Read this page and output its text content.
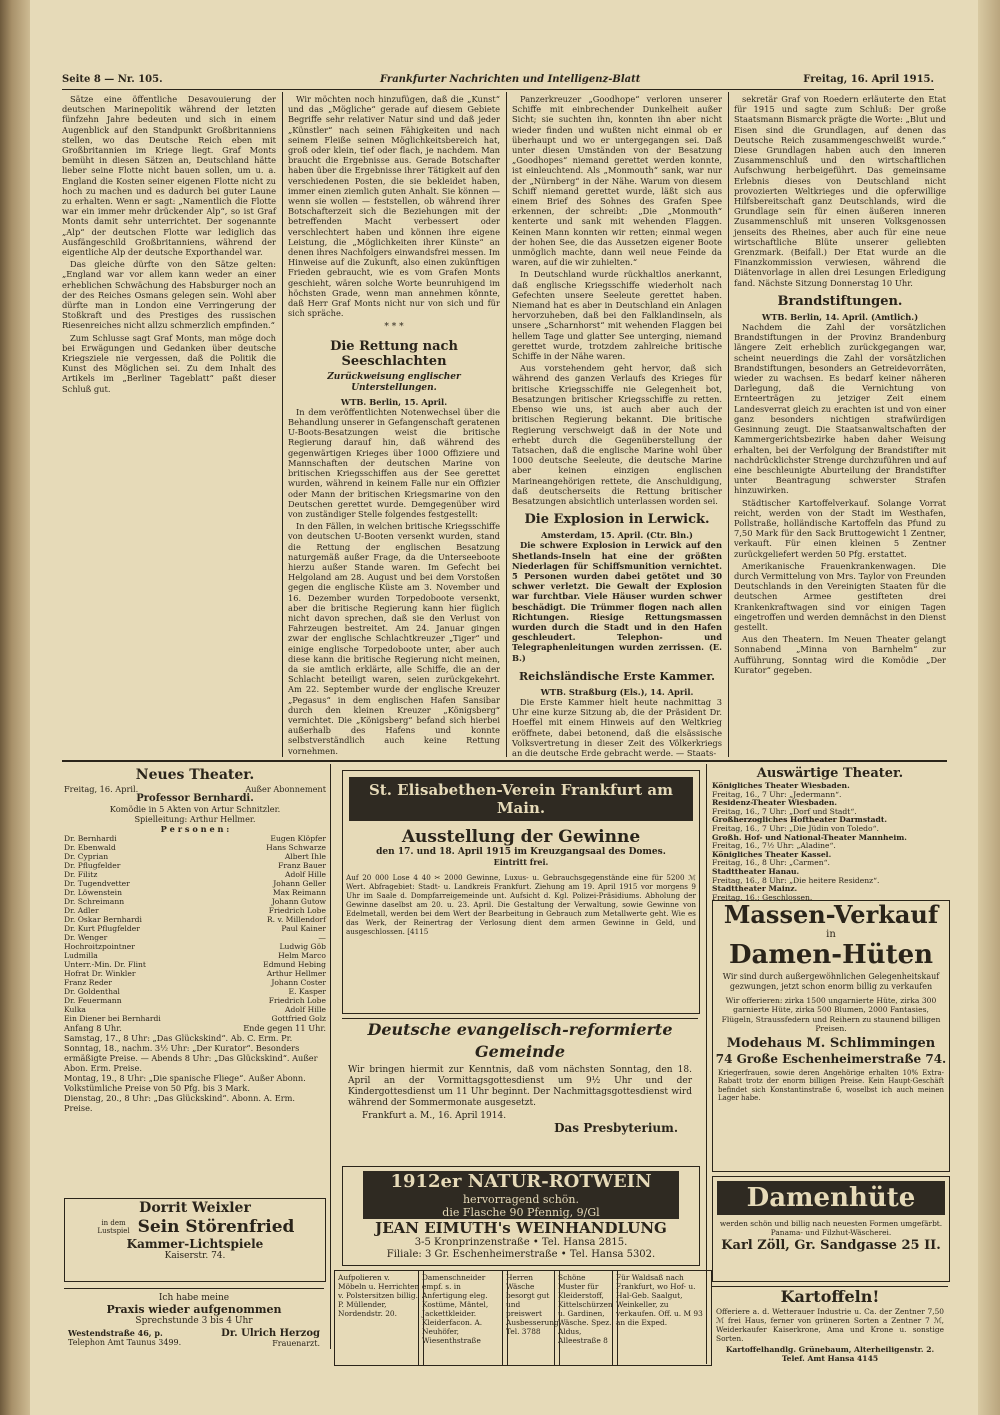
Seite 8 — Nr. 105.	Frankfurter Nachrichten und Intelligenz-Blatt	Freitag, 16. April 1915.

Sätze eine öffentliche Desavouierung der deutschen Marinepolitik während der letzten fünfzehn Jahre bedeuten und sich in einem Augenblick auf den Standpunkt Großbritanniens stellen, wo das Deutsche Reich eben mit Großbritannien im Kriege liegt. Graf Monts bemüht in diesen Sätzen an, Deutschland hätte lieber seine Flotte nicht bauen sollen, um u. a. England die Kosten seiner eigenen Flotte nicht zu hoch zu machen und es dadurch bei guter Laune zu erhalten. Wenn er sagt: „Namentlich die Flotte war ein immer mehr drückender Alp“, so ist Graf Monts damit sehr unterrichtet. Der sogenannte „Alp“ der deutschen Flotte war lediglich das Ausfängeschild Großbritanniens, während der eigentliche Alp der deutsche Exporthandel war.

Das gleiche dürfte von den Sätze gelten: „England war vor allem kann weder an einer erheblichen Schwächung des Habsburger noch an der des Reiches Osmans gelegen sein. Wohl aber dürfte man in London eine Verringerung der Stoßkraft und des Prestiges des russischen Riesenreiches nicht allzu schmerzlich empfinden.“

Zum Schlusse sagt Graf Monts, man möge doch bei Erwägungen und Gedanken über deutsche Kriegsziele nie vergessen, daß die Politik die Kunst des Möglichen sei. Zu dem Inhalt des Artikels im „Berliner Tageblatt“ paßt dieser Schluß gut.

Wir möchten noch hinzufügen, daß die „Kunst“ und das „Mögliche“ gerade auf diesem Gebiete Begriffe sehr relativer Natur sind und daß jeder „Künstler“ nach seinen Fähigkeiten und nach seinem Fleiße seinen Möglichkeitsbereich hat, groß oder klein, tief oder flach, je nachdem. Man braucht die Ergebnisse aus. Gerade Botschafter haben über die Ergebnisse ihrer Tätigkeit auf den verschiedenen Posten, die sie bekleidet haben, immer einen ziemlich guten Anhalt. Sie können — wenn sie wollen — feststellen, ob während ihrer Botschafterzeit sich die Beziehungen mit der betreffenden Macht verbessert oder verschlechtert haben und können ihre eigene Leistung, die „Möglichkeiten ihrer Künste“ an denen ihres Nachfolgers einwandsfrei messen. Im Hinweise auf die Zukunft, also einen zukünftigen Frieden gebraucht, wie es vom Grafen Monts geschieht, wären solche Worte beunruhigend im höchsten Grade, wenn man annehmen könnte, daß Herr Graf Monts nicht nur von sich und für sich spräche.

* * *
Die Rettung nach Seeschlachten
Zurückweisung englischer Unterstellungen.
WTB. Berlin, 15. April.

In dem veröffentlichten Notenwechsel über die Behandlung unserer in Gefangenschaft geratenen U-Boots-Besatzungen weist die britische Regierung darauf hin, daß während des gegenwärtigen Krieges über 1000 Offiziere und Mannschaften der deutschen Marine von britischen Kriegsschiffen aus der See gerettet wurden, während in keinem Falle nur ein Offizier oder Mann der britischen Kriegsmarine von den Deutschen gerettet wurde. Demgegenüber wird von zuständiger Stelle folgendes festgestellt:

In den Fällen, in welchen britische Kriegsschiffe von deutschen U-Booten versenkt wurden, stand die Rettung der englischen Besatzung naturgemäß außer Frage, da die Unterseeboote hierzu außer Stande waren. Im Gefecht bei Helgoland am 28. August und bei dem Vorstoßen gegen die englische Küste am 3. November und 16. Dezember wurden Torpedoboote versenkt, aber die britische Regierung kann hier füglich nicht davon sprechen, daß sie den Verlust von Fahrzeugen bestreitet. Am 24. Januar gingen zwar der englische Schlachtkreuzer „Tiger“ und einige englische Torpedoboote unter, aber auch diese kann die britische Regierung nicht meinen, da sie amtlich erklärte, alle Schiffe, die an der Schlacht beteiligt waren, seien zurückgekehrt. Am 22. September wurde der englische Kreuzer „Pegasus“ in dem englischen Hafen Sansibar durch den kleinen Kreuzer „Königsberg“ vernichtet. Die „Königsberg“ befand sich hierbei außerhalb des Hafens und konnte selbstverständlich auch keine Rettung vornehmen.

Panzerkreuzer „Goodhope“ verloren unserer Schiffe mit einbrechender Dunkelheit außer Sicht; sie suchten ihn, konnten ihn aber nicht wieder finden und wußten nicht einmal ob er überhaupt und wo er untergegangen sei. Daß unter diesen Umständen von der Besatzung „Goodhopes“ niemand gerettet werden konnte, ist einleuchtend. Als „Monmouth“ sank, war nur der „Nürnberg“ in der Nähe. Warum von diesem Schiff niemand gerettet wurde, läßt sich aus einem Brief des Sohnes des Grafen Spee erkennen, der schreibt: „Die „Monmouth“ kenterte und sank mit wehenden Flaggen. Keinen Mann konnten wir retten; einmal wegen der hohen See, die das Aussetzen eigener Boote unmöglich machte, dann weil neue Feinde da waren, auf die wir zuhielten.“

In Deutschland wurde rückhaltlos anerkannt, daß englische Kriegsschiffe wiederholt nach Gefechten unsere Seeleute gerettet haben. Niemand hat es aber in Deutschland ein Anlagen hervorzuheben, daß bei den Falklandinseln, als unsere „Scharnhorst“ mit wehenden Flaggen bei hellem Tage und glatter See unterging, niemand gerettet wurde, trotzdem zahlreiche britische Schiffe in der Nähe waren.

Aus vorstehendem geht hervor, daß sich während des ganzen Verlaufs des Krieges für britische Kriegsschiffe nie Gelegenheit bot, Besatzungen britischer Kriegsschiffe zu retten. Ebenso wie uns, ist auch aber auch der britischen Regierung bekannt. Die britische Regierung verschweigt daß in der Note und erhebt durch die Gegenüberstellung der Tatsachen, daß die englische Marine wohl über 1000 deutsche Seeleute, die deutsche Marine aber keinen einzigen englischen Marineangehörigen rettete, die Anschuldigung, daß deutscherseits die Rettung britischer Besatzungen absichtlich unterlassen worden sei.

Die Explosion in Lerwick.
Amsterdam, 15. April. (Ctr. Bln.)

Die schwere Explosion in Lerwick auf den Shetlands-Inseln hat eine der größten Niederlagen für Schiffsmunition vernichtet. 5 Personen wurden dabei getötet und 30 schwer verletzt. Die Gewalt der Explosion war furchtbar. Viele Häuser wurden schwer beschädigt. Die Trümmer flogen nach allen Richtungen. Riesige Rettungsmassen wurden durch die Stadt und in den Hafen geschleudert. Telephon- und Telegraphenleitungen wurden zerrissen. (E. B.)

Reichsländische Erste Kammer.
WTB. Straßburg (Els.), 14. April.

Die Erste Kammer hielt heute nachmittag 3 Uhr eine kurze Sitzung ab, die der Präsident Dr. Hoeffel mit einem Hinweis auf den Weltkrieg eröffnete, dabei betonend, daß die elsässische Volksvertretung in dieser Zeit des Völkerkriegs an die deutsche Erde gebracht werde. — Staats-

sekretär Graf von Roedern erläuterte den Etat für 1915 und sagte zum Schluß: Der große Staatsmann Bismarck prägte die Worte: „Blut und Eisen sind die Grundlagen, auf denen das Deutsche Reich zusammengeschweißt wurde.“ Diese Grundlagen haben auch den inneren Zusammenschluß und den wirtschaftlichen Aufschwung herbeigeführt. Das gemeinsame Erlebnis dieses von Deutschland nicht provozierten Weltkrieges und die opferwillige Hilfsbereitschaft ganz Deutschlands, wird die Grundlage sein für einen äußeren inneren Zusammenschluß mit unseren Volksgenossen jenseits des Rheines, aber auch für eine neue wirtschaftliche Blüte unserer geliebten Grenzmark. (Beifall.) Der Etat wurde an die Finanzkommission verwiesen, während die Diätenvorlage in allen drei Lesungen Erledigung fand. Nächste Sitzung Donnerstag 10 Uhr.

Brandstiftungen.
WTB. Berlin, 14. April. (Amtlich.)

Nachdem die Zahl der vorsätzlichen Brandstiftungen in der Provinz Brandenburg längere Zeit erheblich zurückgegangen war, scheint neuerdings die Zahl der vorsätzlichen Brandstiftungen, besonders an Getreidevorräten, wieder zu wachsen. Es bedarf keiner näheren Darlegung, daß die Vernichtung von Ernteerträgen zu jetziger Zeit einem Landesverrat gleich zu erachten ist und von einer ganz besonders nichtigen strafwürdigen Gesinnung zeugt. Die Staatsanwaltschaften der Kammergerichtsbezirke haben daher Weisung erhalten, bei der Verfolgung der Brandstifter mit nachdrücklichster Strenge durchzuführen und auf eine beschleunigte Aburteilung der Brandstifter unter Beantragung schwerster Strafen hinzuwirken.

Städtischer Kartoffelverkauf. Solange Vorrat reicht, werden von der Stadt im Westhafen, Pollstraße, holländische Kartoffeln das Pfund zu 7,50 Mark für den Sack Bruttogewicht 1 Zentner, verkauft. Für einen kleinen 5 Zentner zurückgeliefert werden 50 Pfg. erstattet.

Amerikanische Frauenkrankenwagen. Die durch Vermittelung von Mrs. Taylor von Freunden Deutschlands in den Vereinigten Staaten für die deutschen Armee gestifteten drei Krankenkraftwagen sind vor einigen Tagen eingetroffen und werden demnächst in den Dienst gestellt.

Aus den Theatern. Im Neuen Theater gelangt Sonnabend „Minna von Barnhelm“ zur Aufführung, Sonntag wird die Komödie „Der Kurator“ gegeben.

Neues Theater.
Freitag, 16. April.	Außer Abonnement
Professor Bernhardi.
Komödie in 5 Akten von Artur Schnitzler.
Spielleitung: Arthur Hellmer.
P e r s o n e n :
Dr. Bernhardi	Eugen Klöpfer
Dr. Ebenwald	Hans Schwarze
Dr. Cyprian	Albert Ihle
Dr. Pflugfelder	Franz Bauer
Dr. Filitz	Adolf Hille
Dr. Tugendvetter	Johann Geller
Dr. Löwenstein	Max Reimann
Dr. Schreimann	Johann Gutow
Dr. Adler	Friedrich Lobe
Dr. Oskar Bernhardi	R. v. Millendorf
Dr. Kurt Pflugfelder	Paul Kainer
Dr. Wenger	—
Hochroitzpointner	Ludwig Göb
Ludmilla	Helm Marco
Unterr.-Min. Dr. Flint	Edmund Hebing
Hofrat Dr. Winkler	Arthur Hellmer
Franz Reder	Johann Coster
Dr. Goldenthal	E. Kasper
Dr. Feuermann	Friedrich Lobe
Kulka	Adolf Hille
Ein Diener bei Bernhardi	Gottfried Golz
Anfang 8 Uhr.	Ende gegen 11 Uhr.
Samstag, 17., 8 Uhr: „Das Glückskind“. Ab. C. Erm. Pr.
Sonntag, 18., nachm. 3½ Uhr: „Der Kurator“. Besonders ermäßigte Preise. — Abends 8 Uhr: „Das Glückskind“. Außer Abon. Erm. Preise.
Montag, 19., 8 Uhr: „Die spanische Fliege“. Außer Abonn. Volkstümliche Preise von 50 Pfg. bis 3 Mark.
Dienstag, 20., 8 Uhr: „Das Glückskind“. Abonn. A. Erm. Preise.
St. Elisabethen-Verein Frankfurt am Main.
Ausstellung der Gewinne
den 17. und 18. April 1915 im Kreuzgangsaal des Domes.
Eintritt frei.
Auf 20 000 Lose 4 40 ✂ 2000 Gewinne, Luxus- u. Gebrauchsgegenstände eine für 5200 ℳ Wert. Abfragebiet: Stadt- u. Landkreis Frankfurt. Ziehung am 19. April 1915 vor morgens 9 Uhr im Saale d. Dompfarreigemeinde unt. Aufsicht d. Kgl. Polizei-Präsidiums. Abholung der Gewinne daselbst am 20. u. 23. April. Die Gestaltung der Verwaltung, sowie Gewinne von Edelmetall, werden bei dem Wert der Bearbeitung in Gebrauch zum Metallwerte geht. Wie es das Werk, der Reinertrag der Verlosung dient dem armen Gewinne in Geld, und ausgeschlossen. [4115
Deutsche evangelisch-reformierte Gemeinde
Wir bringen hiermit zur Kenntnis, daß vom nächsten Sonntag, den 18. April an der Vormittagsgottesdienst um 9½ Uhr und der Kindergottesdienst um 11 Uhr beginnt. Der Nachmittagsgottesdienst wird während der Sommermonate ausgesetzt.
Frankfurt a. M., 16. April 1914.
Das Presbyterium.
1912er NATUR-ROTWEIN
hervorragend schön.
die Flasche 90 Pfennig, 9/Gl
JEAN EIMUTH's WEINHANDLUNG
3-5 Kronprinzenstraße • Tel. Hansa 2815.
Filiale: 3 Gr. Eschenheimerstraße • Tel. Hansa 5302.
Dorrit Weixler
in dem Lustspiel Sein Störenfried
Kammer-Lichtspiele
Kaiserstr. 74.
Ich habe meine
Praxis wieder aufgenommen
Sprechstunde 3 bis 4 Uhr
Westendstraße 46, p.
Telephon Amt Taunus 3499.
Dr. Ulrich Herzog
Frauenarzt.
Aufpolieren v. Möbeln u. Herrichten v. Polstersitzen billig. P. Müllender, Nordendstr. 20.
Damenschneider empf. s. in Anfertigung eleg. Kostüme, Mäntel, Jackettkleider. Kleiderfacon. A. Neuhöfer, Wiesenthstraße
Herren Wäsche besorgt gut und preiswert Ausbesserung. Tel. 3788
Schöne Muster für Kleiderstoff, Kittelschürzen u. Gardinen, Wäsche. Spez. Aldus, Alleestraße 8
Für Waldsaß nach Frankfurt, wo Hof- u. Hal-Geb. Saalgut, Weinkeller, zu verkaufen. Off. u. M 93 an die Exped.
Auswärtige Theater.
Königliches Theater Wiesbaden.
Freitag, 16., 7 Uhr: „Jedermann“.
Residenz-Theater Wiesbaden.
Freitag, 16., 7 Uhr: „Dorf und Stadt“.
Großherzogliches Hoftheater Darmstadt.
Freitag, 16., 7 Uhr: „Die Jüdin von Toledo“.
Großh. Hof- und National-Theater Mannheim.
Freitag, 16., 7½ Uhr: „Aladine“.
Königliches Theater Kassel.
Freitag, 16., 8 Uhr: „Carmen“.
Stadttheater Hanau.
Freitag, 16., 8 Uhr: „Die heitere Residenz“.
Stadttheater Mainz.
Freitag, 16.: Geschlossen.
Massen-Verkauf
in
Damen-Hüten
Wir sind durch außergewöhnlichen Gelegenheitskauf gezwungen, jetzt schon enorm billig zu verkaufen
Wir offerieren: zirka 1500 ungarnierte Hüte, zirka 300 garnierte Hüte, zirka 500 Blumen, 2000 Fantasies, Flügeln, Straussfedern und Reihern zu staunend billigen Preisen.
Modehaus M. Schlimmingen
74 Große Eschenheimerstraße 74.
Kriegerfrauen, sowie deren Angehörige erhalten 10% Extra-Rabatt trotz der enorm billigen Preise. Kein Haupt-Geschäft befindet sich Konstantinstraße 6, woselbst ich auch meinen Lager habe.
Damenhüte
werden schön und billig nach neuesten Formen umgefärbt.
Panama- und Filzhut-Wäscherei.
Karl Zöll, Gr. Sandgasse 25 II.
Kartoffeln!
Offeriere a. d. Wetterauer Industrie u. Ca. der Zentner 7,50 ℳ frei Haus, ferner von grüneren Sorten a Zentner 7 ℳ, Weiderkaufer Kaiserkrone, Ama und Krone u. sonstige Sorten.
Kartoffelhandlg. Grünebaum, Alterheiligenstr. 2. Telef. Amt Hansa 4145
